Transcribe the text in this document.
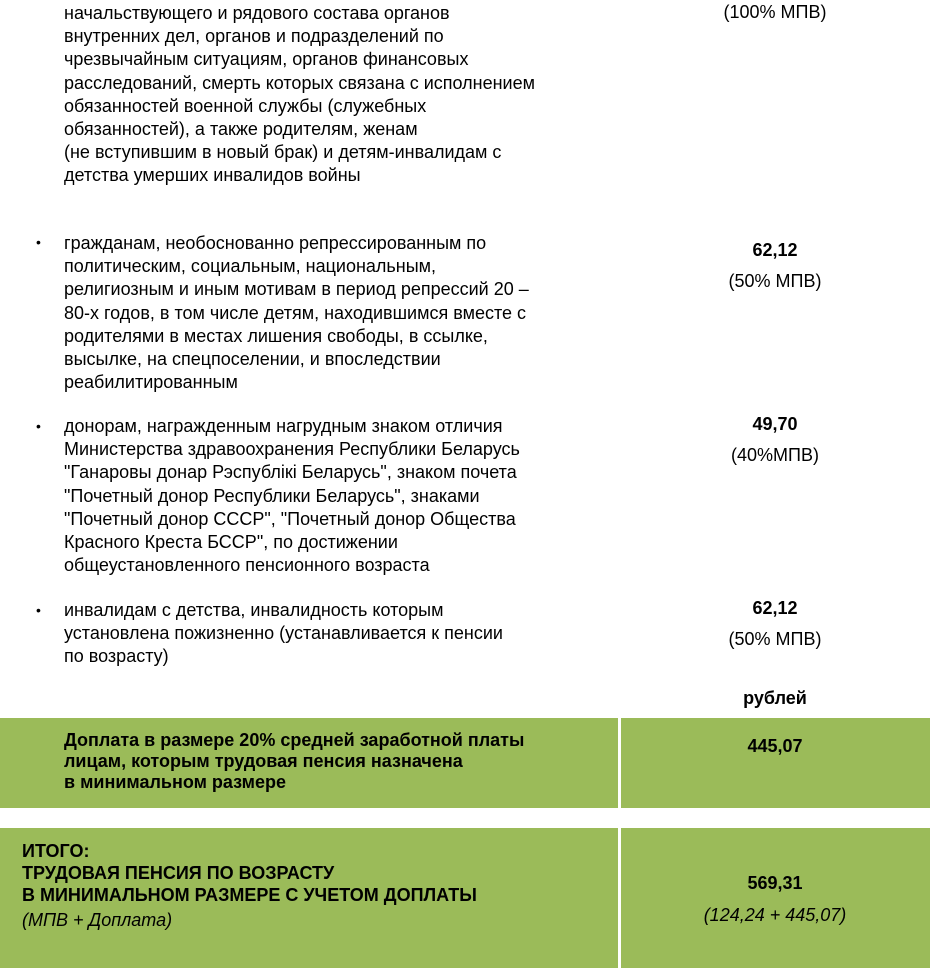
начальствующего и рядового состава органов
внутренних дел, органов и подразделений по
чрезвычайным ситуациям, органов финансовых
расследований, смерть которых связана с исполнением
обязанностей военной службы (служебных
обязанностей), а также родителям, женам
(не вступившим в новый брак) и детям-инвалидам с
детства умерших инвалидов войны
(100% МПВ)
• гражданам, необоснованно репрессированным по
политическим, социальным, национальным,
религиозным и иным мотивам в период репрессий 20 –
80-х годов, в том числе детям, находившимся вместе с
родителями в местах лишения свободы, в ссылке,
высылке, на спецпоселении, и впоследствии
реабилитированным
62,12
(50% МПВ)
• донорам, награжденным нагрудным знаком отличия
Министерства здравоохранения Республики Беларусь
"Ганаровы донар Рэспублікі Беларусь", знаком почета
"Почетный донор Республики Беларусь", знаками
"Почетный донор СССР", "Почетный донор Общества
Красного Креста БССР", по достижении
общеустановленного пенсионного возраста
49,70
(40%МПВ)
• инвалидам с детства, инвалидность которым
установлена пожизненно (устанавливается к пенсии
по возрасту)
62,12
(50% МПВ)
рублей
Доплата в размере 20% средней заработной платы
лицам, которым трудовая пенсия назначена
в минимальном размере
445,07
ИТОГО:
ТРУДОВАЯ ПЕНСИЯ ПО ВОЗРАСТУ
В МИНИМАЛЬНОМ РАЗМЕРЕ С УЧЕТОМ ДОПЛАТЫ
(МПВ + Доплата)
569,31
(124,24 + 445,07)
